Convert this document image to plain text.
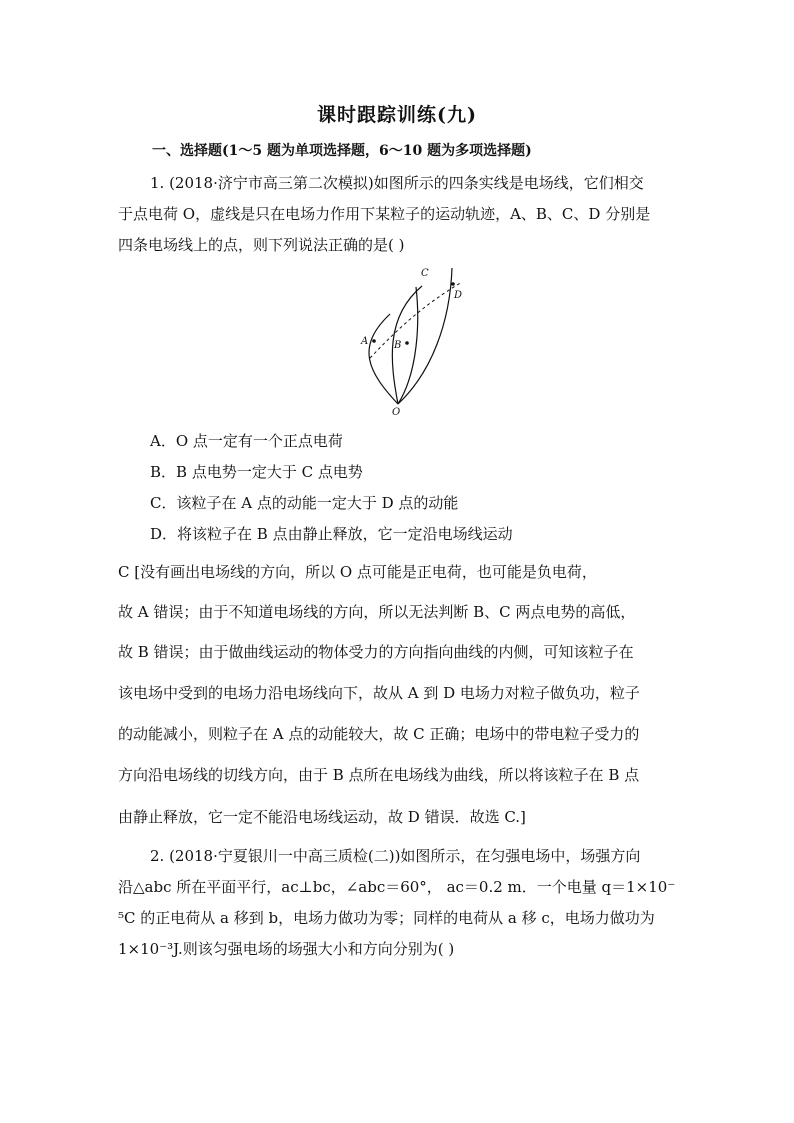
课时跟踪训练(九)
一、选择题(1～5 题为单项选择题，6～10 题为多项选择题)
1. (2018·济宁市高三第二次模拟)如图所示的四条实线是电场线，它们相交
于点电荷 O，虚线是只在电场力作用下某粒子的运动轨迹，A、B、C、D 分别是
四条电场线上的点，则下列说法正确的是( )
A	B
C
D
O
A．O 点一定有一个正点电荷
B．B 点电势一定大于 C 点电势
C．该粒子在 A 点的动能一定大于 D 点的动能
D．将该粒子在 B 点由静止释放，它一定沿电场线运动
C [没有画出电场线的方向，所以 O 点可能是正电荷，也可能是负电荷，
故 A 错误；由于不知道电场线的方向，所以无法判断 B、C 两点电势的高低，
故 B 错误；由于做曲线运动的物体受力的方向指向曲线的内侧，可知该粒子在
该电场中受到的电场力沿电场线向下，故从 A 到 D 电场力对粒子做负功，粒子
的动能减小，则粒子在 A 点的动能较大，故 C 正确；电场中的带电粒子受力的
方向沿电场线的切线方向，由于 B 点所在电场线为曲线，所以将该粒子在 B 点
由静止释放，它一定不能沿电场线运动，故 D 错误．故选 C.]
2. (2018·宁夏银川一中高三质检(二))如图所示，在匀强电场中，场强方向
沿△abc 所在平面平行，ac⊥bc，∠abc＝60°， ac＝0.2 m．一个电量 q＝1×10⁻
⁵C 的正电荷从 a 移到 b，电场力做功为零；同样的电荷从 a 移 c，电场力做功为
1×10⁻³J.则该匀强电场的场强大小和方向分别为( )
